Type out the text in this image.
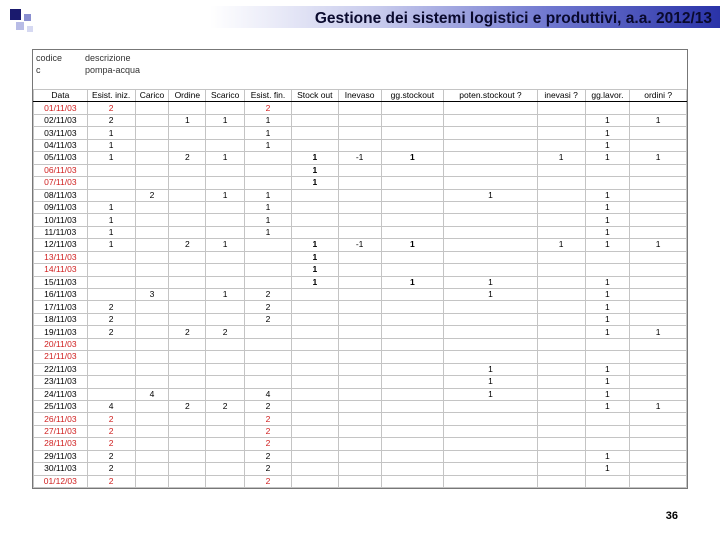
Gestione dei sistemi logistici e produttivi, a.a. 2012/13
codice
c
descrizione
pompa-acqua
Data	Esist. iniz.	Carico	Ordine	Scarico	Esist. fin.	Stock out	Inevaso	gg.stockout	poten.stockout ?	inevasi ?	gg.lavor.	ordini ?
01/11/03	2				2							
02/11/03	2		1	1	1						1	1
03/11/03	1				1						1	
04/11/03	1				1						1	
05/11/03	1		2	1		1	-1	1		1	1	1
06/11/03						1						
07/11/03						1						
08/11/03		2		1	1				1		1	
09/11/03	1				1						1	
10/11/03	1				1						1	
11/11/03	1				1						1	
12/11/03	1		2	1		1	-1	1		1	1	1
13/11/03						1						
14/11/03						1						
15/11/03						1		1	1		1	
16/11/03		3		1	2				1		1	
17/11/03	2				2						1	
18/11/03	2				2						1	
19/11/03	2		2	2							1	1
20/11/03												
21/11/03												
22/11/03									1		1	
23/11/03									1		1	
24/11/03		4			4				1		1	
25/11/03	4		2	2	2						1	1
26/11/03	2				2							
27/11/03	2				2							
28/11/03	2				2							
29/11/03	2				2						1	
30/11/03	2				2						1	
01/12/03	2				2							
36
